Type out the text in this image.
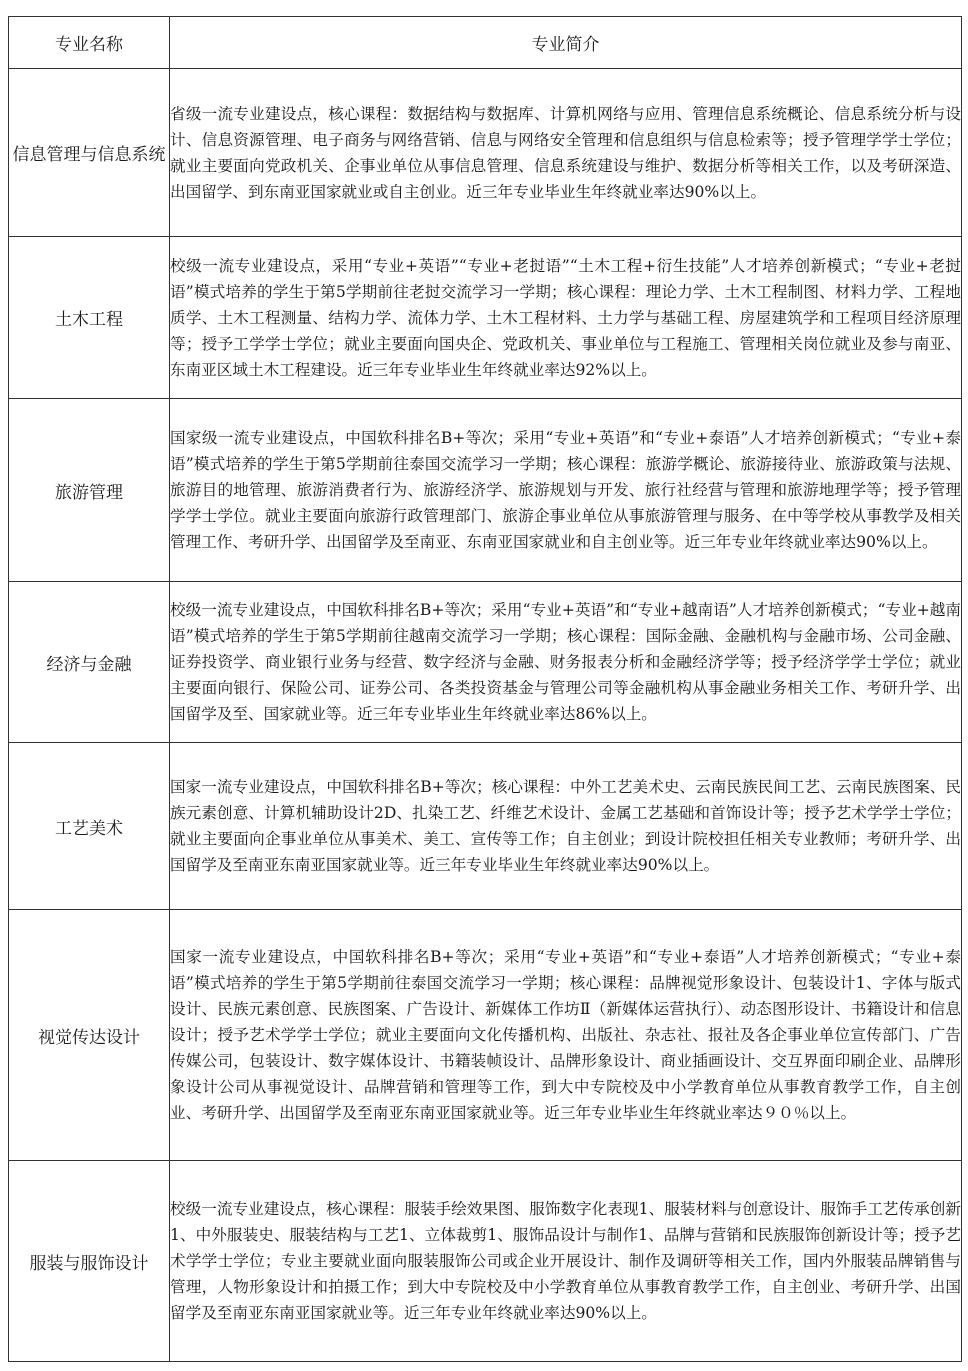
专业名称	专业简介
信息管理与信息系统	省级一流专业建设点，核心课程：数据结构与数据库、计算机网络与应用、管理信息系统概论、信息系统分析与设计、信息资源管理、电子商务与网络营销、信息与网络安全管理和信息组织与信息检索等；授予管理学学士学位；就业主要面向党政机关、企事业单位从事信息管理、信息系统建设与维护、数据分析等相关工作，以及考研深造、出国留学、到东南亚国家就业或自主创业。近三年专业毕业生年终就业率达90%以上。
土木工程	校级一流专业建设点，采用“专业+英语”“专业+老挝语”“土木工程+衍生技能”人才培养创新模式；“专业+老挝语”模式培养的学生于第5学期前往老挝交流学习一学期；核心课程：理论力学、土木工程制图、材料力学、工程地质学、土木工程测量、结构力学、流体力学、土木工程材料、土力学与基础工程、房屋建筑学和工程项目经济原理等；授予工学学士学位；就业主要面向国央企、党政机关、事业单位与工程施工、管理相关岗位就业及参与南亚、东南亚区域土木工程建设。近三年专业毕业生年终就业率达92%以上。
旅游管理	国家级一流专业建设点，中国软科排名B+等次；采用“专业+英语”和“专业+泰语”人才培养创新模式；“专业+泰语”模式培养的学生于第5学期前往泰国交流学习一学期；核心课程：旅游学概论、旅游接待业、旅游政策与法规、旅游目的地管理、旅游消费者行为、旅游经济学、旅游规划与开发、旅行社经营与管理和旅游地理学等；授予管理学学士学位。就业主要面向旅游行政管理部门、旅游企事业单位从事旅游管理与服务、在中等学校从事教学及相关管理工作、考研升学、出国留学及至南亚、东南亚国家就业和自主创业等。近三年专业年终就业率达90%以上。
经济与金融	校级一流专业建设点，中国软科排名B+等次；采用“专业+英语”和“专业+越南语”人才培养创新模式；“专业+越南语”模式培养的学生于第5学期前往越南交流学习一学期；核心课程：国际金融、金融机构与金融市场、公司金融、证券投资学、商业银行业务与经营、数字经济与金融、财务报表分析和金融经济学等；授予经济学学士学位；就业主要面向银行、保险公司、证券公司、各类投资基金与管理公司等金融机构从事金融业务相关工作、考研升学、出国留学及至、国家就业等。近三年专业毕业生年终就业率达86%以上。
工艺美术	国家一流专业建设点，中国软科排名B+等次；核心课程：中外工艺美术史、云南民族民间工艺、云南民族图案、民族元素创意、计算机辅助设计2D、扎染工艺、纤维艺术设计、金属工艺基础和首饰设计等；授予艺术学学士学位；就业主要面向企事业单位从事美术、美工、宣传等工作；自主创业；到设计院校担任相关专业教师；考研升学、出国留学及至南亚东南亚国家就业等。近三年专业毕业生年终就业率达90%以上。
视觉传达设计	国家一流专业建设点，中国软科排名B+等次；采用“专业+英语”和“专业+泰语”人才培养创新模式；“专业+泰语”模式培养的学生于第5学期前往泰国交流学习一学期；核心课程：品牌视觉形象设计、包装设计1、字体与版式设计、民族元素创意、民族图案、广告设计、新媒体工作坊Ⅱ（新媒体运营执行）、动态图形设计、书籍设计和信息设计；授予艺术学学士学位；就业主要面向文化传播机构、出版社、杂志社、报社及各企事业单位宣传部门、广告传媒公司，包装设计、数字媒体设计、书籍装帧设计、品牌形象设计、商业插画设计、交互界面印刷企业、品牌形象设计公司从事视觉设计、品牌营销和管理等工作，到大中专院校及中小学教育单位从事教育教学工作，自主创业、考研升学、出国留学及至南亚东南亚国家就业等。近三年专业毕业生年终就业率达９０％以上。
服装与服饰设计	校级一流专业建设点，核心课程：服装手绘效果图、服饰数字化表现1、服装材料与创意设计、服饰手工艺传承创新1、中外服装史、服装结构与工艺1、立体裁剪1、服饰品设计与制作1、品牌与营销和民族服饰创新设计等；授予艺术学学士学位；专业主要就业面向服装服饰公司或企业开展设计、制作及调研等相关工作，国内外服装品牌销售与管理，人物形象设计和拍摄工作；到大中专院校及中小学教育单位从事教育教学工作，自主创业、考研升学、出国留学及至南亚东南亚国家就业等。近三年专业年终就业率达90%以上。
